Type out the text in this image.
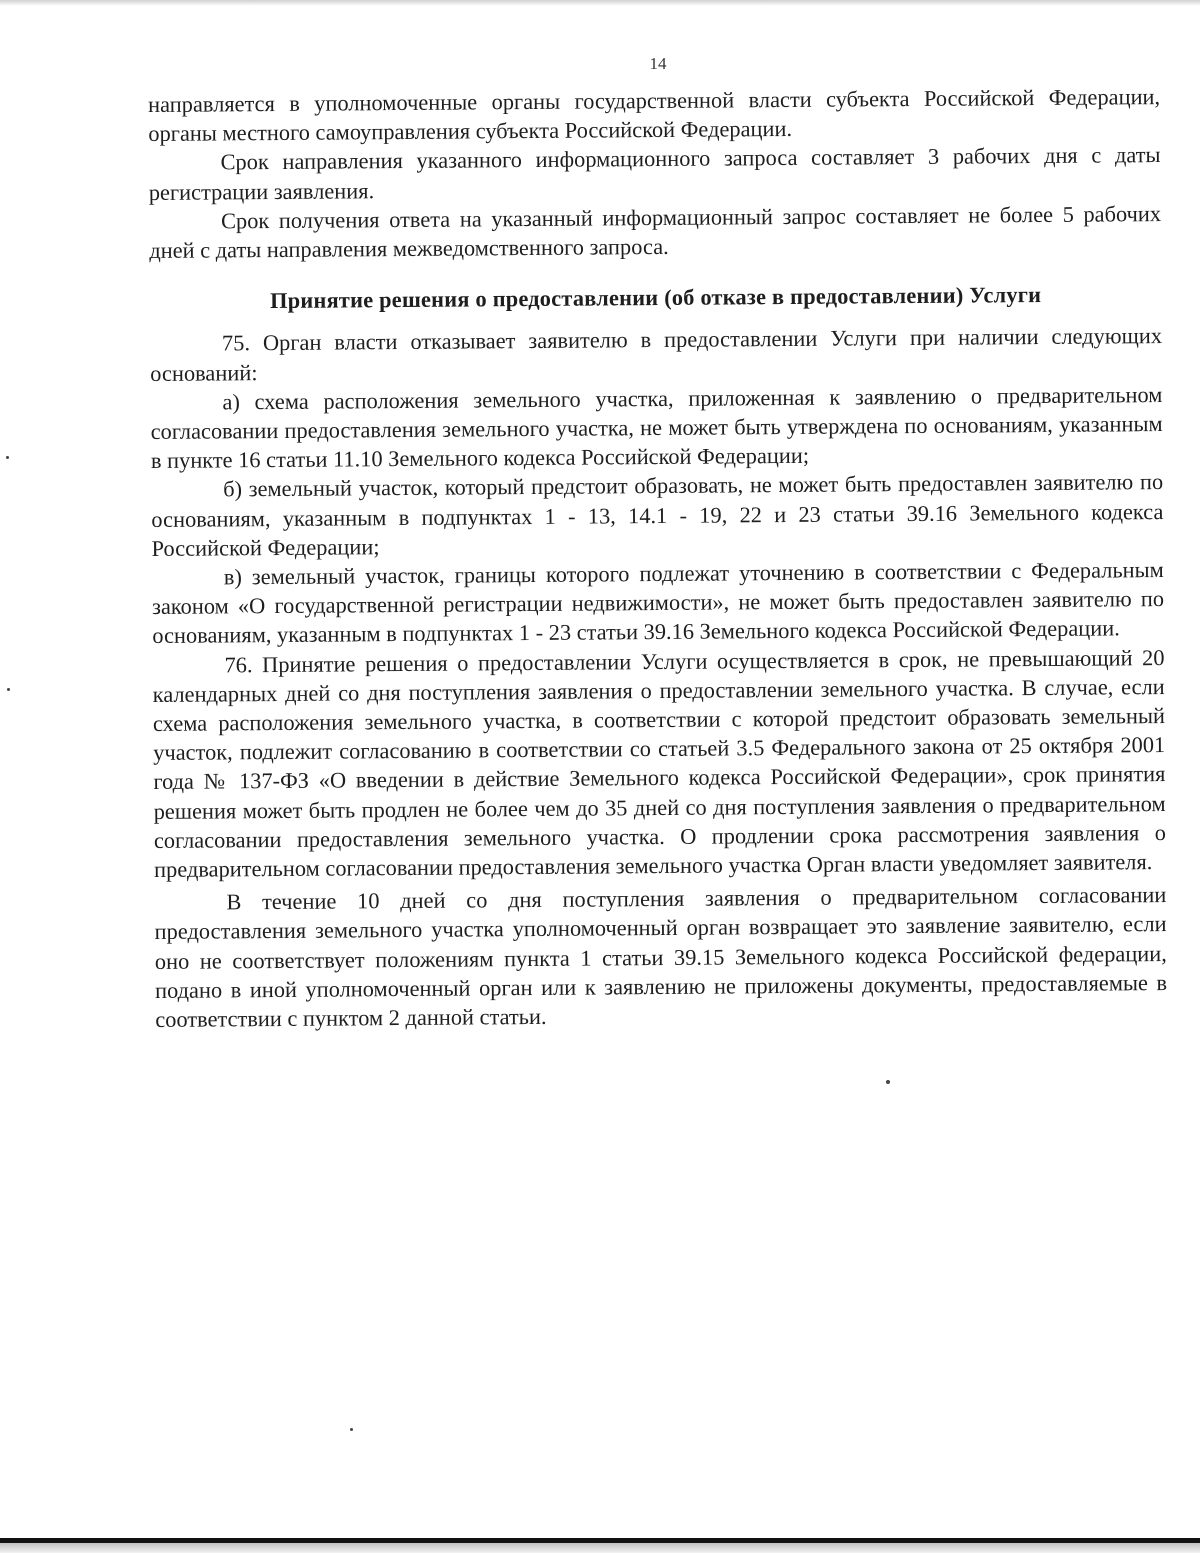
14

направляется в уполномоченные органы государственной власти субъекта Российской Федерации, органы местного самоуправления субъекта Российской Федерации.

Срок направления указанного информационного запроса составляет 3 рабочих дня с даты регистрации заявления.

Срок получения ответа на указанный информационный запрос составляет не более 5 рабочих дней с даты направления межведомственного запроса.

Принятие решения о предоставлении (об отказе в предоставлении) Услуги

75. Орган власти отказывает заявителю в предоставлении Услуги при наличии следующих оснований:

а) схема расположения земельного участка, приложенная к заявлению о предварительном согласовании предоставления земельного участка, не может быть утверждена по основаниям, указанным в пункте 16 статьи 11.10 Земельного кодекса Российской Федерации;

б) земельный участок, который предстоит образовать, не может быть предоставлен заявителю по основаниям, указанным в подпунктах 1 - 13, 14.1 - 19, 22 и 23 статьи 39.16 Земельного кодекса Российской Федерации;

в) земельный участок, границы которого подлежат уточнению в соответствии с Федеральным законом «О государственной регистрации недвижимости», не может быть предоставлен заявителю по основаниям, указанным в подпунктах 1 - 23 статьи 39.16 Земельного кодекса Российской Федерации.

76. Принятие решения о предоставлении Услуги осуществляется в срок, не превышающий 20 календарных дней со дня поступления заявления о предоставлении земельного участка. В случае, если схема расположения земельного участка, в соответствии с которой предстоит образовать земельный участок, подлежит согласованию в соответствии со статьей 3.5 Федерального закона от 25 октября 2001 года № 137-ФЗ «О введении в действие Земельного кодекса Российской Федерации», срок принятия решения может быть продлен не более чем до 35 дней со дня поступления заявления о предварительном согласовании предоставления земельного участка. О продлении срока рассмотрения заявления о предварительном согласовании предоставления земельного участка Орган власти уведомляет заявителя.

В течение 10 дней со дня поступления заявления о предварительном согласовании предоставления земельного участка уполномоченный орган возвращает это заявление заявителю, если оно не соответствует положениям пункта 1 статьи 39.15 Земельного кодекса Российской федерации, подано в иной уполномоченный орган или к заявлению не приложены документы, предоставляемые в соответствии с пунктом 2 данной статьи.
